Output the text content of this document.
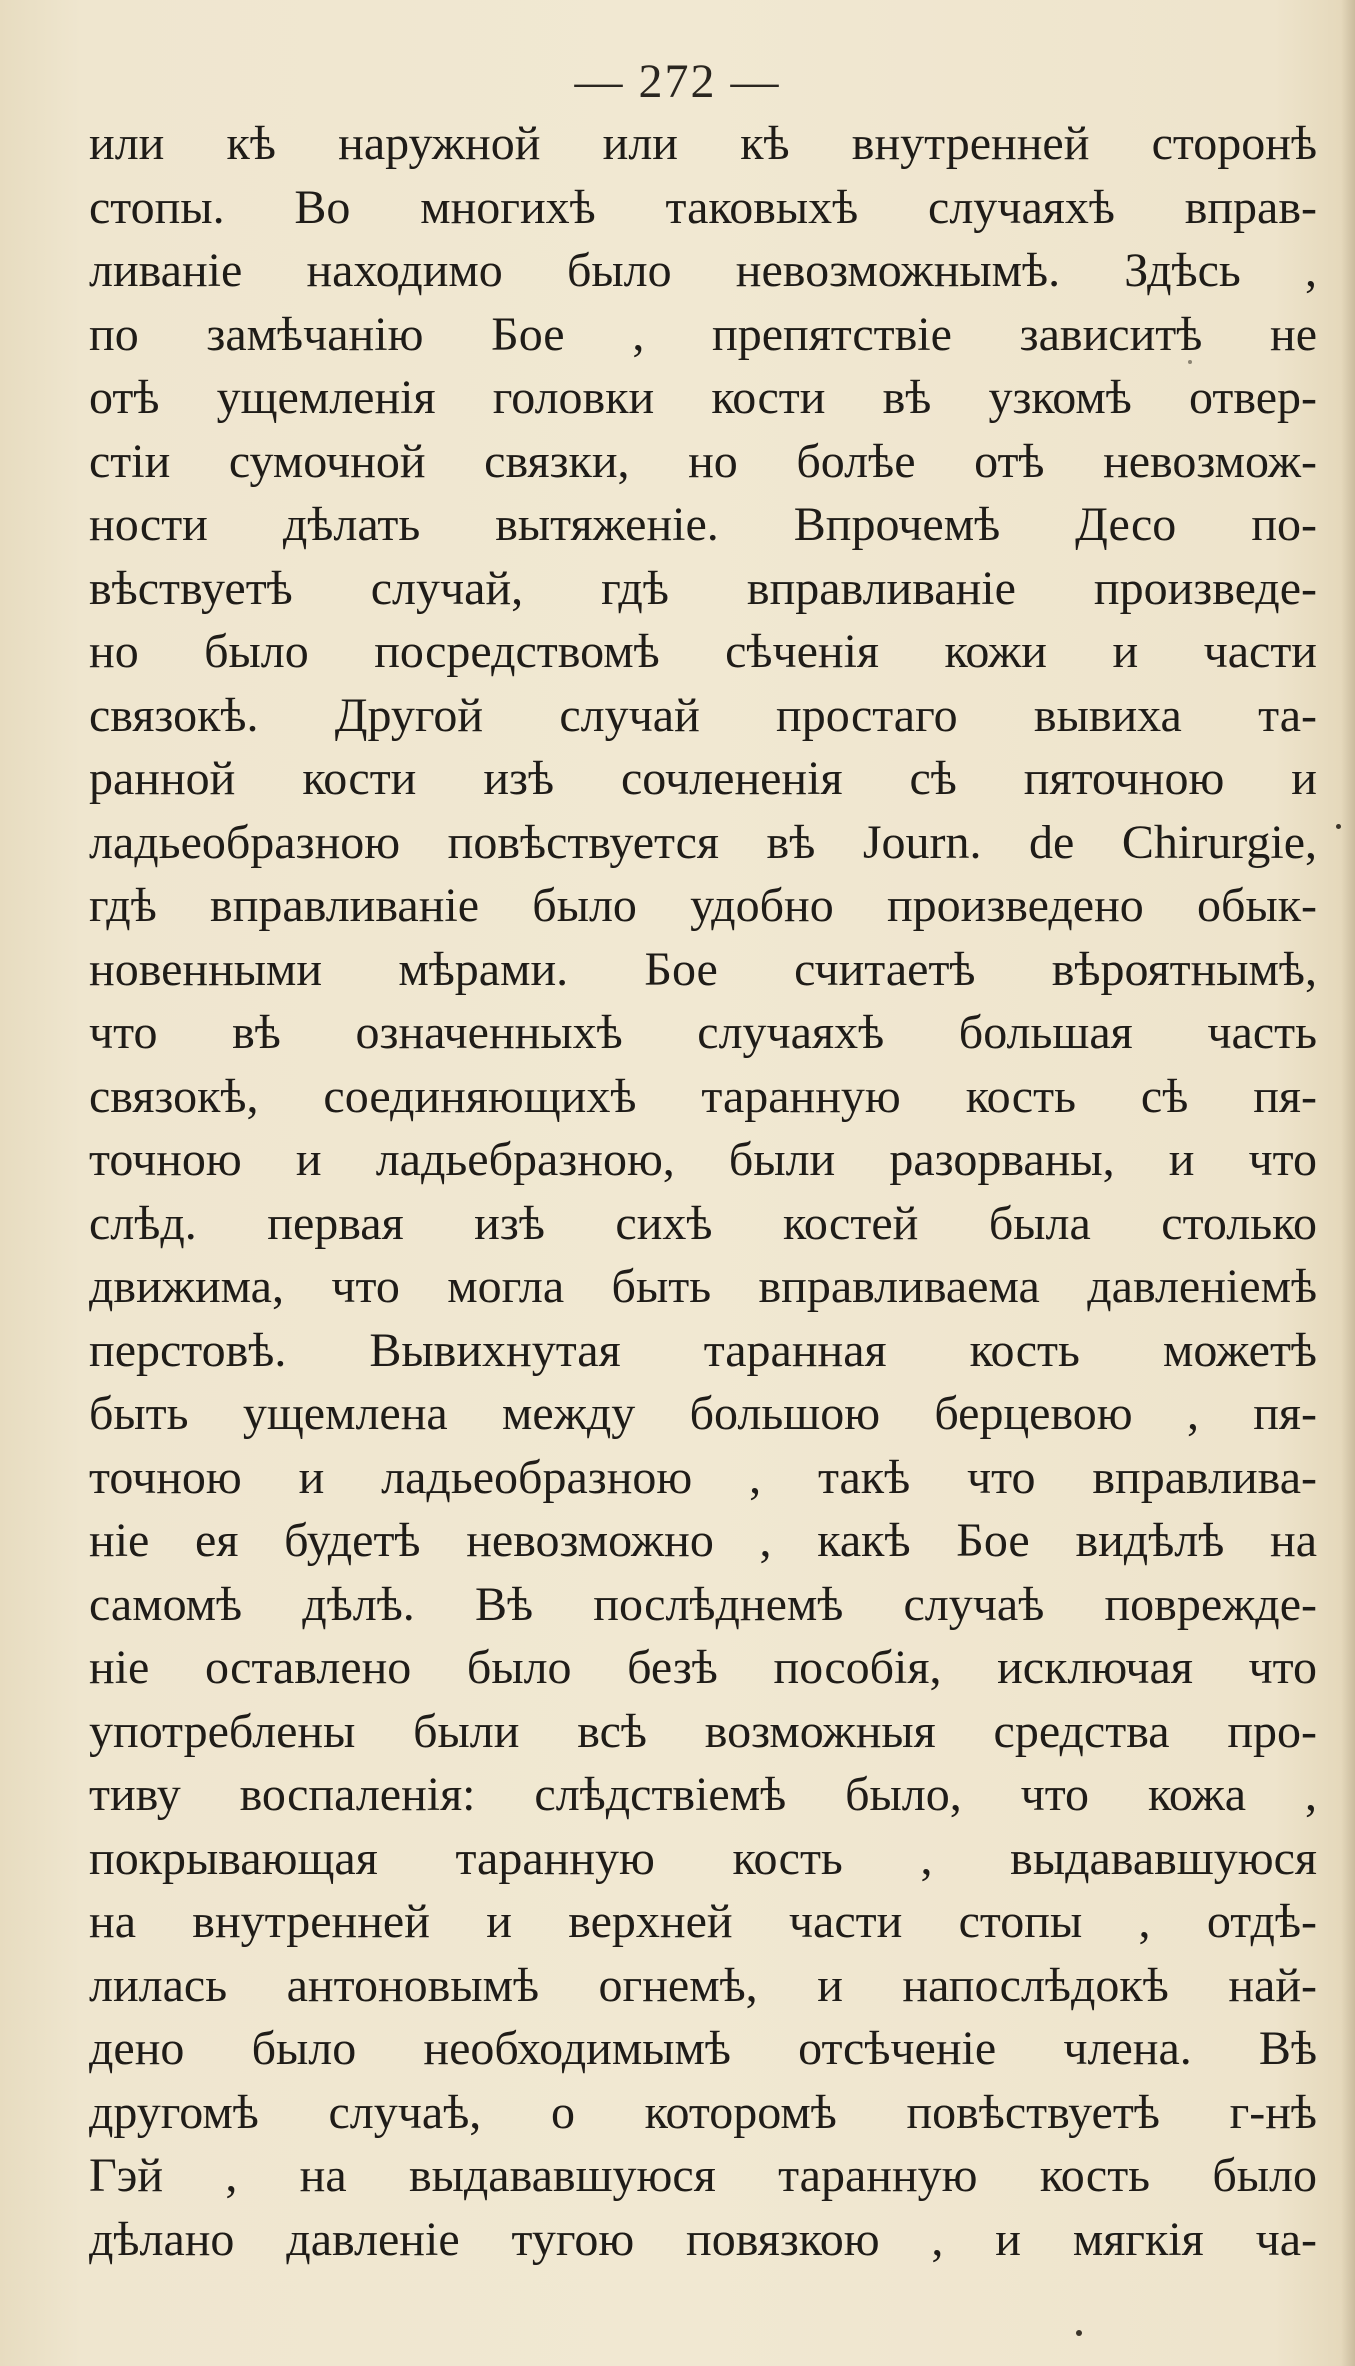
— 272 —
или кѣ наружной или кѣ внутренней сторонѣ
стопы. Во многихѣ таковыхѣ случаяхѣ вправ-
ливаніе находимо было невозможнымѣ. Здѣсь ,
по замѣчанію Бое , препятствіе зависитѣ не
отѣ ущемленія головки кости вѣ узкомѣ отвер-
стіи сумочной связки, но болѣе отѣ невозмож-
ности дѣлать вытяженіе. Впрочемѣ Десо по-
вѣствуетѣ случай, гдѣ вправливаніе произведе-
но было посредствомѣ сѣченія кожи и части
связокѣ. Другой случай простаго вывиха та-
ранной кости изѣ сочлененія сѣ пяточною и
ладьеобразною повѣствуется вѣ Journ. de Chirurgie,
гдѣ вправливаніе было удобно произведено обык-
новенными мѣрами. Бое считаетѣ вѣроятнымѣ,
что вѣ означенныхѣ случаяхѣ большая часть
связокѣ, соединяющихѣ таранную кость сѣ пя-
точною и ладьебразною, были разорваны, и что
слѣд. первая изѣ сихѣ костей была столько
движима, что могла быть вправливаема давленіемѣ
перстовѣ. Вывихнутая таранная кость можетѣ
быть ущемлена между большою берцевою , пя-
точною и ладьеобразною , такѣ что вправлива-
ніе ея будетѣ невозможно , какѣ Бое видѣлѣ на
самомѣ дѣлѣ. Вѣ послѣднемѣ случаѣ поврежде-
ніе оставлено было безѣ пособія, исключая что
употреблены были всѣ возможныя средства про-
тиву воспаленія: слѣдствіемѣ было, что кожа ,
покрывающая таранную кость , выдававшуюся
на внутренней и верхней части стопы , отдѣ-
лилась антоновымѣ огнемѣ, и напослѣдокѣ най-
дено было необходимымѣ отсѣченіе члена. Вѣ
другомѣ случаѣ, о которомѣ повѣствуетѣ г-нѣ
Гэй , на выдававшуюся таранную кость было
дѣлано давленіе тугою повязкою , и мягкія ча-
